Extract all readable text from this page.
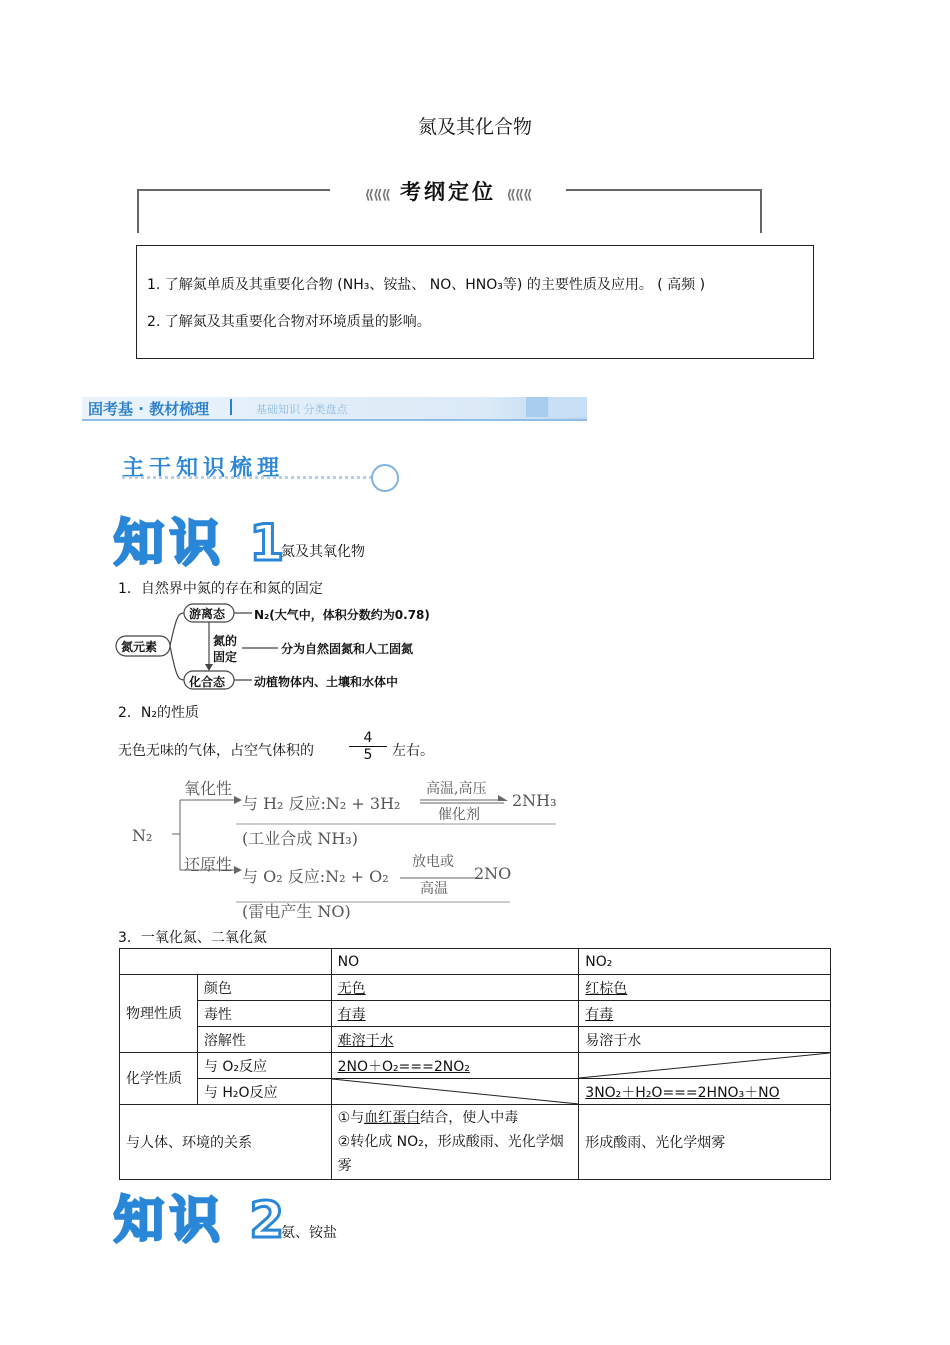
氮及其化合物
⟪⟪⟪ 考纲定位 ⟪⟪⟪
1. 了解氮单质及其重要化合物 (NH₃、铵盐、 NO、HNO₃等) 的主要性质及应用。 ( 高频 )
2. 了解氮及其重要化合物对环境质量的影响。
固考基 · 教材梳理	基础知识 分类盘点
主干知识梳理
知识 1
氮及其氧化物
1．自然界中氮的存在和氮的固定
氮元素
游离态 N₂(大气中，体积分数约为0.78)
氮的
固定
分为自然固氮和人工固氮
化合态 动植物体内、土壤和水体中
2．N₂的性质
无色无味的气体，占空气体积的
4
5	左右。
N₂
氧化性
与 H₂ 反应:N₂ + 3H₂
高温,高压
催化剂
2NH₃
(工业合成 NH₃)
还原性
与 O₂ 反应:N₂ + O₂
放电或
高温
2NO
(雷电产生 NO)
3．一氧化氮、二氧化氮
		NO	NO₂
物理性质	颜色	无色	红棕色
	毒性	有毒	有毒
	溶解性	难溶于水	易溶于水
化学性质	与 O₂反应	2NO＋O₂===2NO₂	

	与 H₂O反应		3NO₂＋H₂O===2HNO₃＋NO
与人体、环境的关系		①与血红蛋白结合，使人中毒
②转化成 NO₂，形成酸雨、光化学烟雾	形成酸雨、光化学烟雾
知识 2
氨、铵盐
